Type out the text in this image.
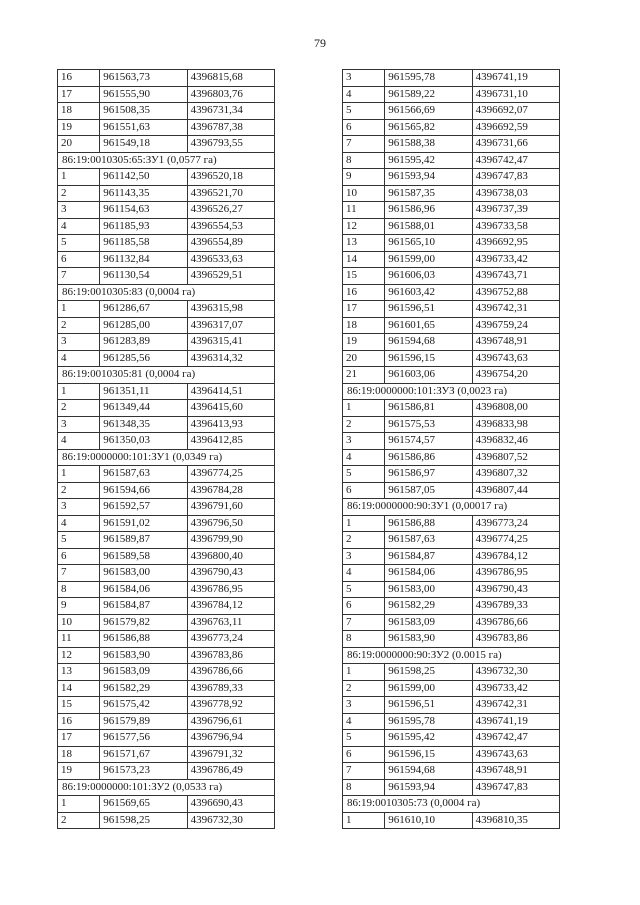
79
16	961563,73	4396815,68
17	961555,90	4396803,76
18	961508,35	4396731,34
19	961551,63	4396787,38
20	961549,18	4396793,55
86:19:0010305:65:ЗУ1 (0,0577 га)		
1	961142,50	4396520,18
2	961143,35	4396521,70
3	961154,63	4396526,27
4	961185,93	4396554,53
5	961185,58	4396554,89
6	961132,84	4396533,63
7	961130,54	4396529,51
86:19:0010305:83 (0,0004 га)		
1	961286,67	4396315,98
2	961285,00	4396317,07
3	961283,89	4396315,41
4	961285,56	4396314,32
86:19:0010305:81 (0,0004 га)		
1	961351,11	4396414,51
2	961349,44	4396415,60
3	961348,35	4396413,93
4	961350,03	4396412,85
86:19:0000000:101:ЗУ1 (0,0349 га)		
1	961587,63	4396774,25
2	961594,66	4396784,28
3	961592,57	4396791,60
4	961591,02	4396796,50
5	961589,87	4396799,90
6	961589,58	4396800,40
7	961583,00	4396790,43
8	961584,06	4396786,95
9	961584,87	4396784,12
10	961579,82	4396763,11
11	961586,88	4396773,24
12	961583,90	4396783,86
13	961583,09	4396786,66
14	961582,29	4396789,33
15	961575,42	4396778,92
16	961579,89	4396796,61
17	961577,56	4396796,94
18	961571,67	4396791,32
19	961573,23	4396786,49
86:19:0000000:101:ЗУ2 (0,0533 га)		
1	961569,65	4396690,43
2	961598,25	4396732,30
3	961595,78	4396741,19
4	961589,22	4396731,10
5	961566,69	4396692,07
6	961565,82	4396692,59
7	961588,38	4396731,66
8	961595,42	4396742,47
9	961593,94	4396747,83
10	961587,35	4396738,03
11	961586,96	4396737,39
12	961588,01	4396733,58
13	961565,10	4396692,95
14	961599,00	4396733,42
15	961606,03	4396743,71
16	961603,42	4396752,88
17	961596,51	4396742,31
18	961601,65	4396759,24
19	961594,68	4396748,91
20	961596,15	4396743,63
21	961603,06	4396754,20
86:19:0000000:101:ЗУЗ (0,0023 га)		
1	961586,81	4396808,00
2	961575,53	4396833,98
3	961574,57	4396832,46
4	961586,86	4396807,52
5	961586,97	4396807,32
6	961587,05	4396807,44
86:19:0000000:90:ЗУ1 (0,00017 га)		
1	961586,88	4396773,24
2	961587,63	4396774,25
3	961584,87	4396784,12
4	961584,06	4396786,95
5	961583,00	4396790,43
6	961582,29	4396789,33
7	961583,09	4396786,66
8	961583,90	4396783,86
86:19:0000000:90:ЗУ2 (0.0015 га)		
1	961598,25	4396732,30
2	961599,00	4396733,42
3	961596,51	4396742,31
4	961595,78	4396741,19
5	961595,42	4396742,47
6	961596,15	4396743,63
7	961594,68	4396748,91
8	961593,94	4396747,83
86:19:0010305:73 (0,0004 га)		
1	961610,10	4396810,35
